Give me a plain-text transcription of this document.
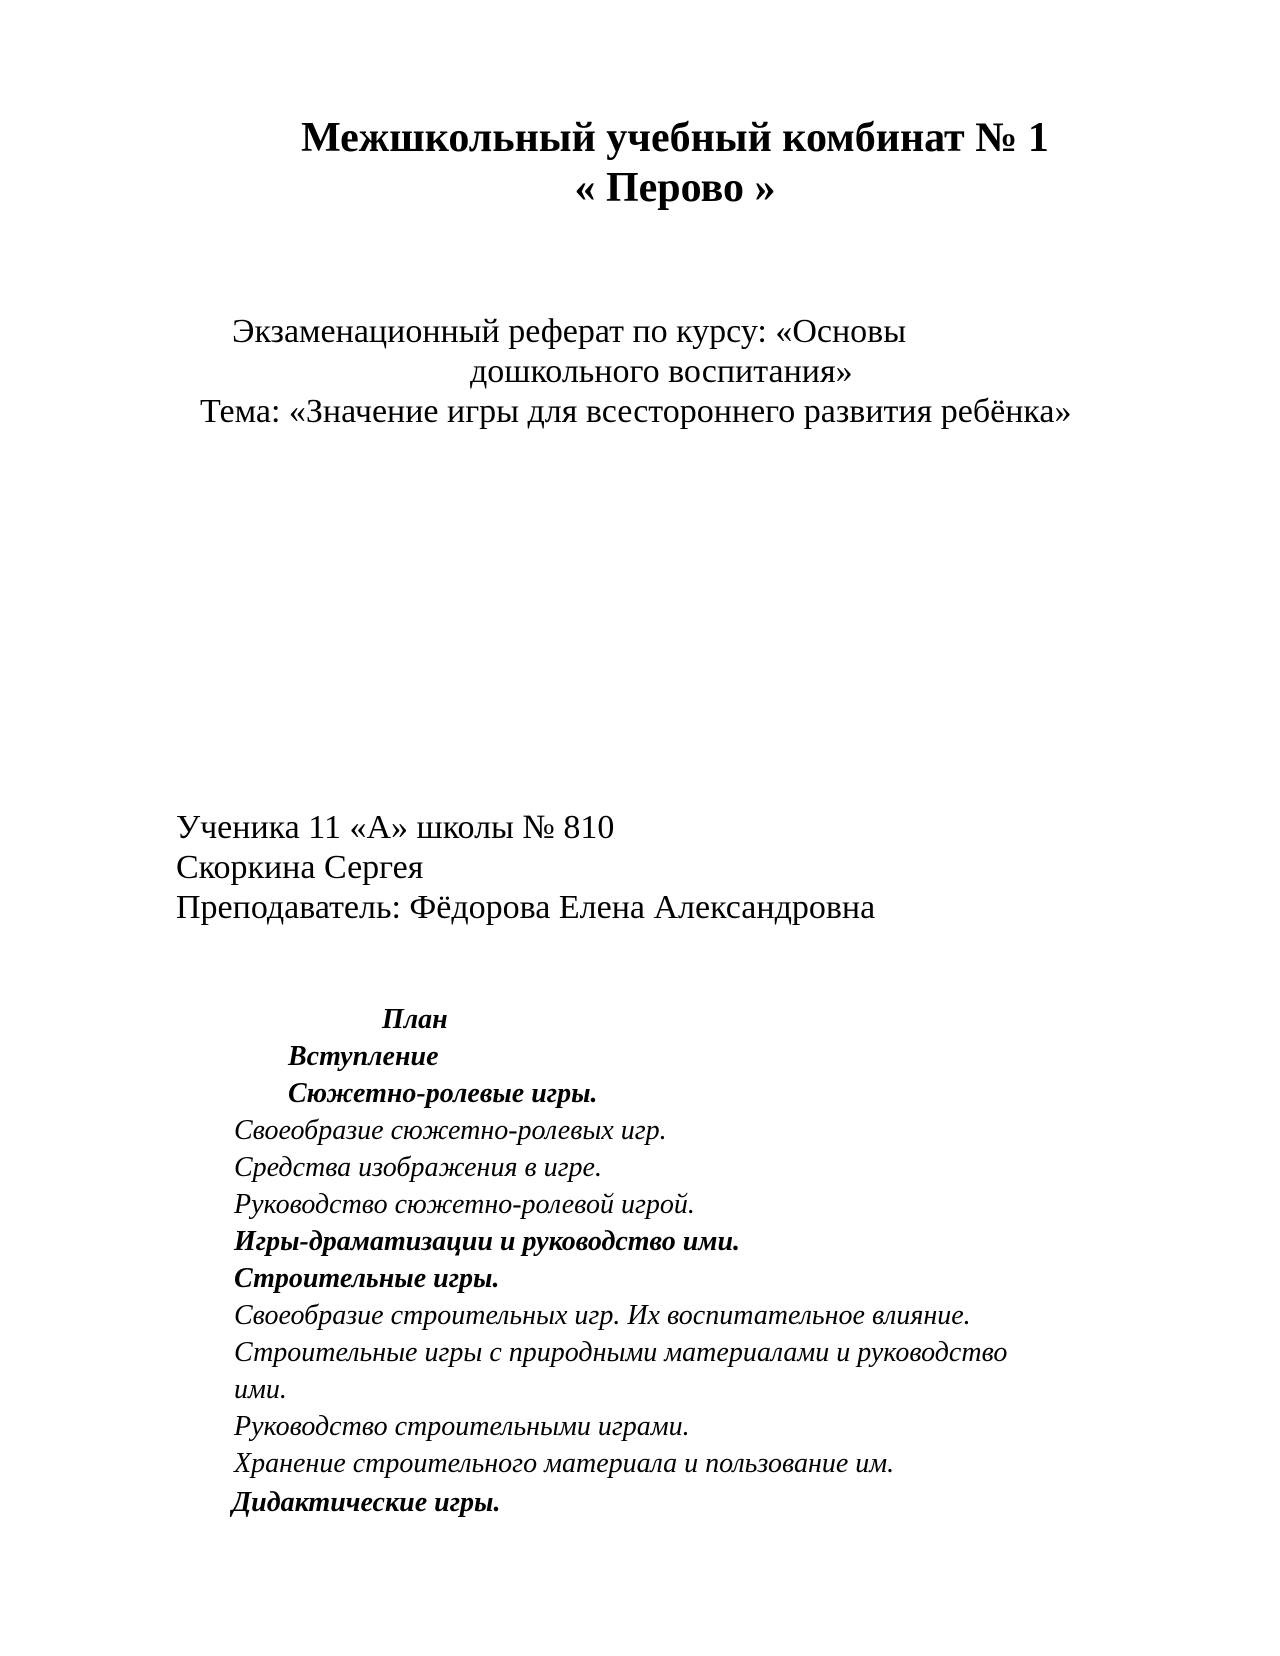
Межшкольный учебный комбинат № 1
« Перово »
Экзаменационный реферат по курсу: «Основы
дошкольного воспитания»
Тема: «Значение игры для всестороннего развития ребёнка»
Ученика 11 «А» школы № 810
Скоркина Сергея
Преподаватель: Фёдорова Елена Александровна
План
Вступление
Сюжетно-ролевые игры.
Своеобразие сюжетно-ролевых игр.
Средства изображения в игре.
Руководство сюжетно-ролевой игрой.
Игры-драматизации и руководство ими.
Строительные игры.
Своеобразие строительных игр. Их воспитательное влияние.
Строительные игры с природными материалами и руководство
ими.
Руководство строительными играми.
Хранение строительного материала и пользование им.
Дидактические игры.
